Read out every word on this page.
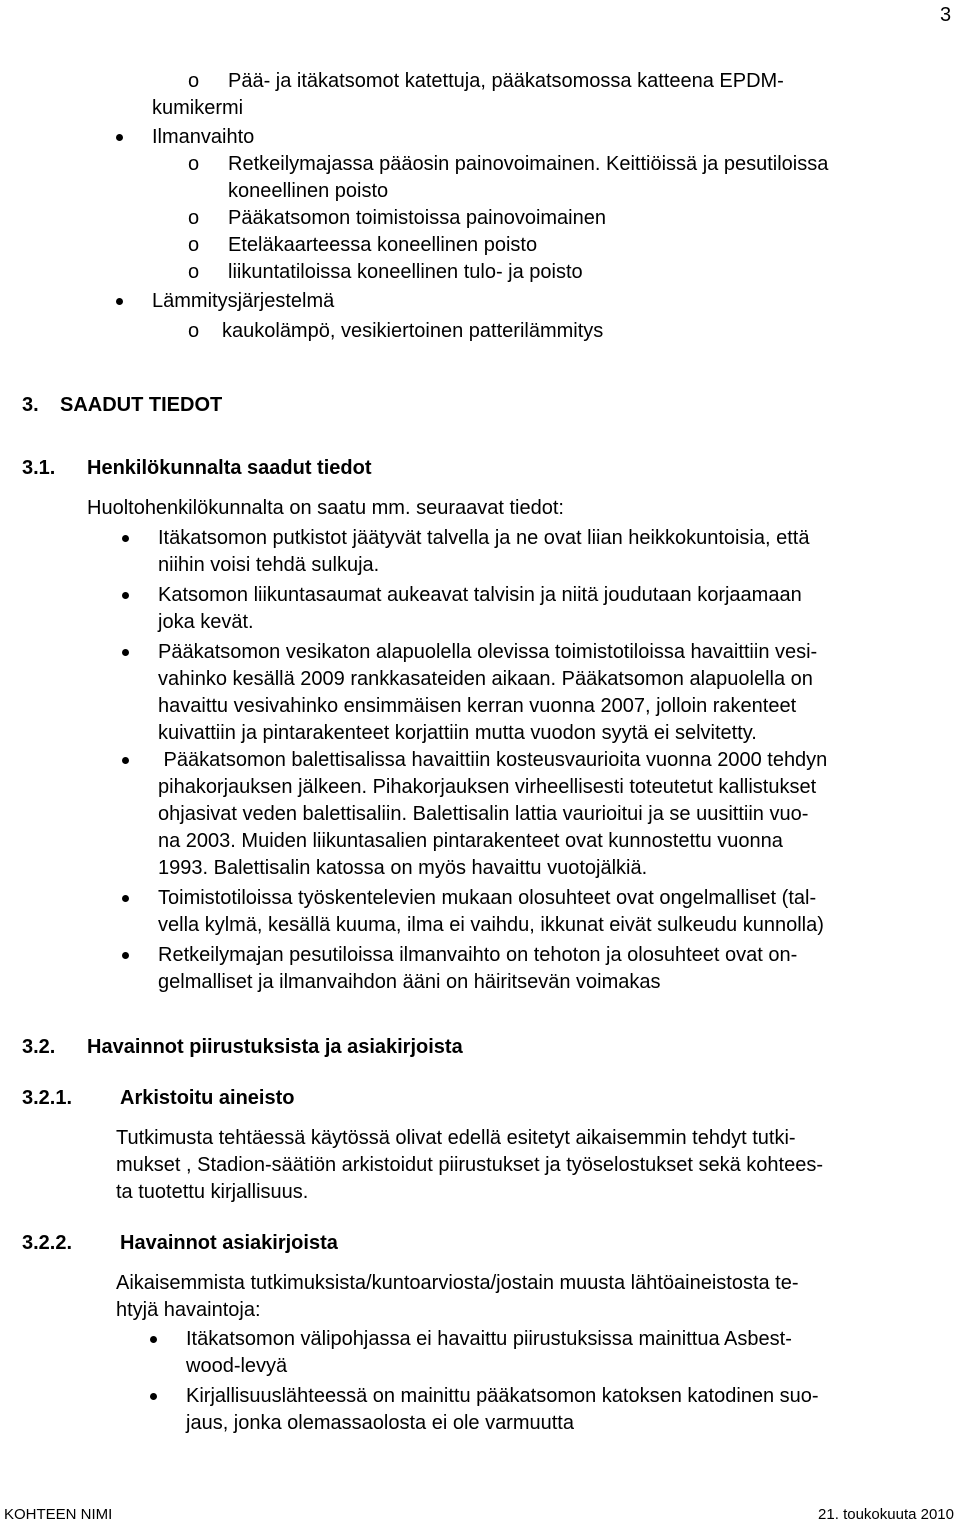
3
o Pää- ja itäkatsomot katettuja, pääkatsomossa katteena EPDM-
kumikermi
Ilmanvaihto
o Retkeilymajassa pääosin painovoimainen. Keittiöissä ja pesutiloissa
koneellinen poisto
o Pääkatsomon toimistoissa painovoimainen
o Eteläkaarteessa koneellinen poisto
o liikuntatiloissa koneellinen tulo- ja poisto
Lämmitysjärjestelmä
o kaukolämpö, vesikiertoinen patterilämmitys
3. SAADUT TIEDOT
3.1. Henkilökunnalta saadut tiedot
Huoltohenkilökunnalta on saatu mm. seuraavat tiedot:
Itäkatsomon putkistot jäätyvät talvella ja ne ovat liian heikkokuntoisia, että
niihin voisi tehdä sulkuja.
Katsomon liikuntasaumat aukeavat talvisin ja niitä joudutaan korjaamaan
joka kevät.
Pääkatsomon vesikaton alapuolella olevissa toimistotiloissa havaittiin vesi-
vahinko kesällä 2009 rankkasateiden aikaan. Pääkatsomon alapuolella on
havaittu vesivahinko ensimmäisen kerran vuonna 2007, jolloin rakenteet
kuivattiin ja pintarakenteet korjattiin mutta vuodon syytä ei selvitetty.
Pääkatsomon balettisalissa havaittiin kosteusvaurioita vuonna 2000 tehdyn
pihakorjauksen jälkeen. Pihakorjauksen virheellisesti toteutetut kallistukset
ohjasivat veden balettisaliin. Balettisalin lattia vaurioitui ja se uusittiin vuo-
na 2003. Muiden liikuntasalien pintarakenteet ovat kunnostettu vuonna
1993. Balettisalin katossa on myös havaittu vuotojälkiä.
Toimistotiloissa työskentelevien mukaan olosuhteet ovat ongelmalliset (tal-
vella kylmä, kesällä kuuma, ilma ei vaihdu, ikkunat eivät sulkeudu kunnolla)
Retkeilymajan pesutiloissa ilmanvaihto on tehoton ja olosuhteet ovat on-
gelmalliset ja ilmanvaihdon ääni on häiritsevän voimakas
3.2. Havainnot piirustuksista ja asiakirjoista
3.2.1. Arkistoitu aineisto
Tutkimusta tehtäessä käytössä olivat edellä esitetyt aikaisemmin tehdyt tutki-
mukset , Stadion-säätiön arkistoidut piirustukset ja työselostukset sekä kohtees-
ta tuotettu kirjallisuus.
3.2.2. Havainnot asiakirjoista
Aikaisemmista tutkimuksista/kuntoarviosta/jostain muusta lähtöaineistosta te-
htyjä havaintoja:
Itäkatsomon välipohjassa ei havaittu piirustuksissa mainittua Asbest-
wood-levyä
Kirjallisuuslähteessä on mainittu pääkatsomon katoksen katodinen suo-
jaus, jonka olemassaolosta ei ole varmuutta
KOHTEEN NIMI	21. toukokuuta 2010
